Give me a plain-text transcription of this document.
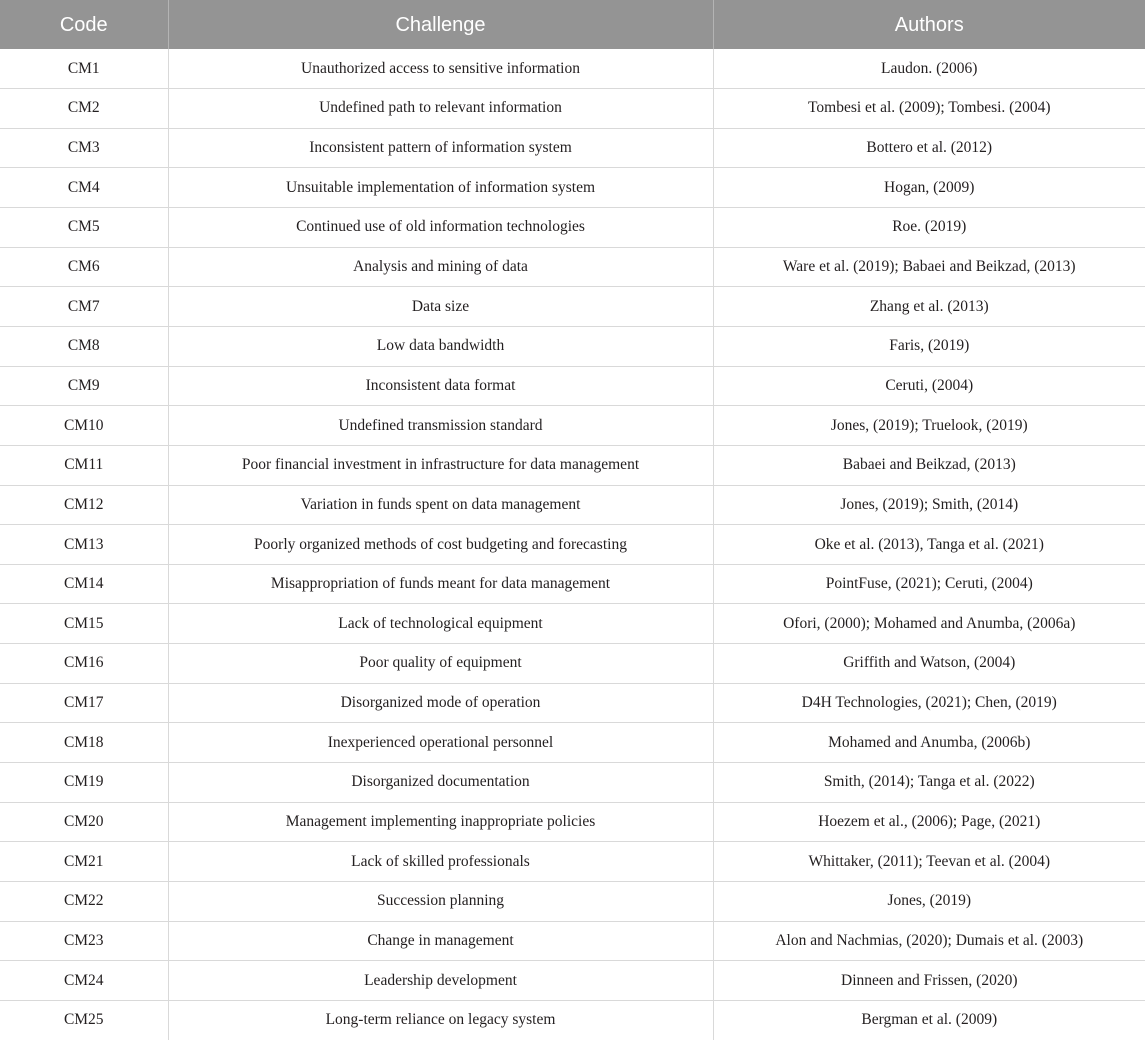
Code	Challenge	Authors
CM1	Unauthorized access to sensitive information	Laudon. (2006)
CM2	Undefined path to relevant information	Tombesi et al. (2009); Tombesi. (2004)
CM3	Inconsistent pattern of information system	Bottero et al. (2012)
CM4	Unsuitable implementation of information system	Hogan, (2009)
CM5	Continued use of old information technologies	Roe. (2019)
CM6	Analysis and mining of data	Ware et al. (2019); Babaei and Beikzad, (2013)
CM7	Data size	Zhang et al. (2013)
CM8	Low data bandwidth	Faris, (2019)
CM9	Inconsistent data format	Ceruti, (2004)
CM10	Undefined transmission standard	Jones, (2019); Truelook, (2019)
CM11	Poor financial investment in infrastructure for data management	Babaei and Beikzad, (2013)
CM12	Variation in funds spent on data management	Jones, (2019); Smith, (2014)
CM13	Poorly organized methods of cost budgeting and forecasting	Oke et al. (2013), Tanga et al. (2021)
CM14	Misappropriation of funds meant for data management	PointFuse, (2021); Ceruti, (2004)
CM15	Lack of technological equipment	Ofori, (2000); Mohamed and Anumba, (2006a)
CM16	Poor quality of equipment	Griffith and Watson, (2004)
CM17	Disorganized mode of operation	D4H Technologies, (2021); Chen, (2019)
CM18	Inexperienced operational personnel	Mohamed and Anumba, (2006b)
CM19	Disorganized documentation	Smith, (2014); Tanga et al. (2022)
CM20	Management implementing inappropriate policies	Hoezem et al., (2006); Page, (2021)
CM21	Lack of skilled professionals	Whittaker, (2011); Teevan et al. (2004)
CM22	Succession planning	Jones, (2019)
CM23	Change in management	Alon and Nachmias, (2020); Dumais et al. (2003)
CM24	Leadership development	Dinneen and Frissen, (2020)
CM25	Long-term reliance on legacy system	Bergman et al. (2009)
